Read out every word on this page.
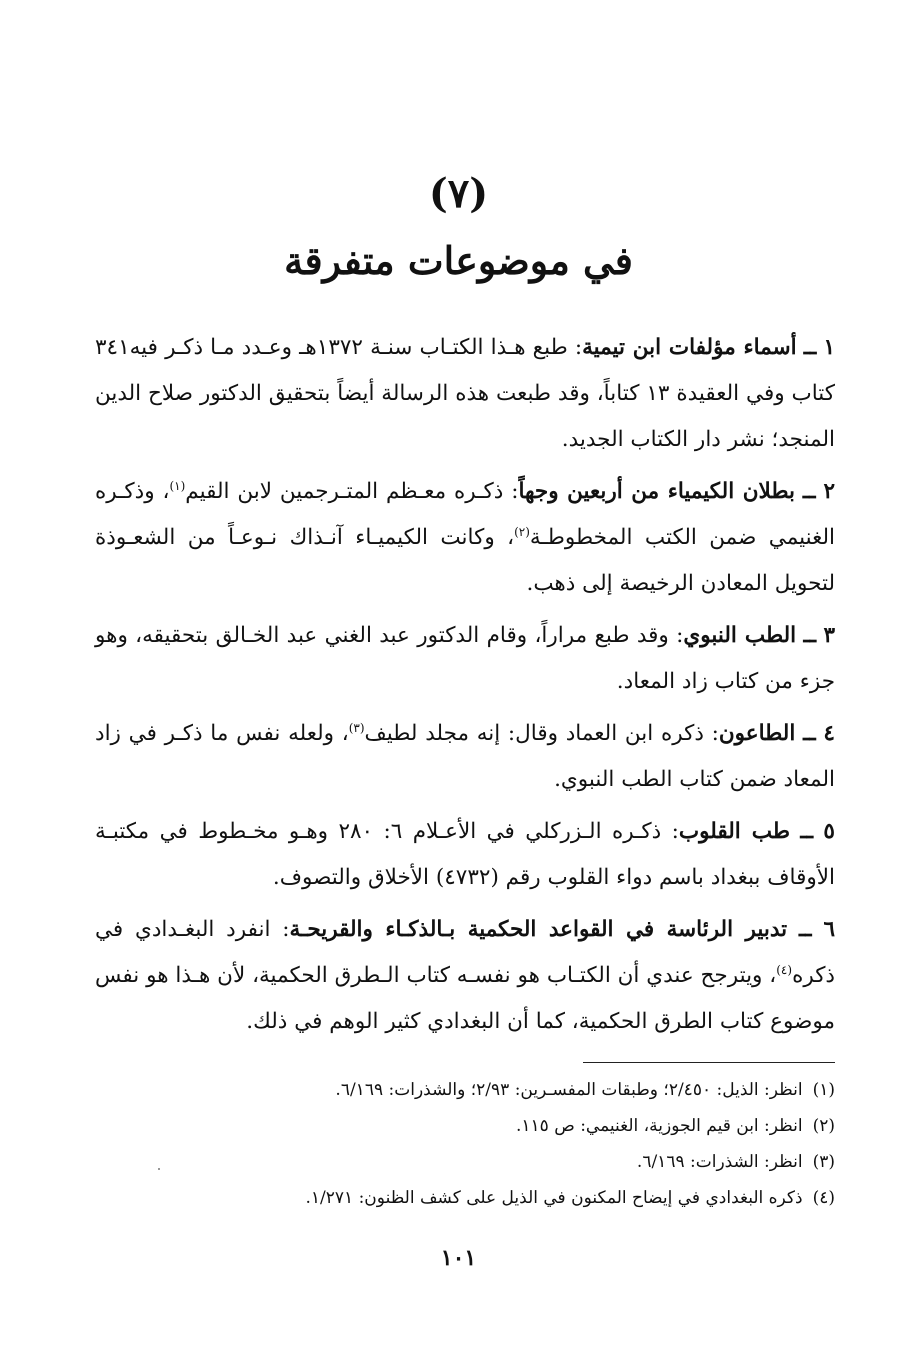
(٧)
في موضوعات متفرقة

١ ــ أسماء مؤلفات ابن تيمية: طبع هـذا الكتـاب سنـة ١٣٧٢هـ وعـدد مـا ذكـر فيه٣٤١ كتاب وفي العقيدة ١٣ كتاباً، وقد طبعت هذه الرسالة أيضاً بتحقيق الدكتور صلاح الدين المنجد؛ نشر دار الكتاب الجديد.

٢ ــ بطلان الكيمياء من أربعين وجهاً: ذكـره معـظم المتـرجمين لابن القيم$^{(١)}$، وذكـره الغنيمي ضمن الكتب المخطوطـة$^{(٢)}$، وكانت الكيميـاء آنـذاك نـوعـاً من الشعـوذة لتحويل المعادن الرخيصة إلى ذهب.

٣ ــ الطب النبوي: وقد طبع مراراً، وقام الدكتور عبد الغني عبد الخـالق بتحقيقه، وهو جزء من كتاب زاد المعاد.

٤ ــ الطاعون: ذكره ابن العماد وقال: إنه مجلد لطيف$^{(٣)}$، ولعله نفس ما ذكـر في زاد المعاد ضمن كتاب الطب النبوي.

٥ ــ طب القلوب: ذكـره الـزركلي في الأعـلام ٦: ٢٨٠ وهـو مخـطوط في مكتبـة الأوقاف ببغداد باسم دواء القلوب رقم (٤٧٣٢) الأخلاق والتصوف.

٦ ــ تدبير الرئاسة في القواعد الحكمية بـالذكـاء والقريحـة: انفرد البغـدادي في ذكره$^{(٤)}$، ويترجح عندي أن الكتـاب هو نفسـه كتاب الـطرق الحكمية، لأن هـذا هو نفس موضوع كتاب الطرق الحكمية، كما أن البغدادي كثير الوهم في ذلك.

(١)انظر: الذيل: ٢/٤٥٠؛ وطبقات المفسـرين: ٢/٩٣؛ والشذرات: ٦/١٦٩.
(٢)انظر: ابن قيم الجوزية، الغنيمي: ص ١١٥.
(٣)انظر: الشذرات: ٦/١٦٩.
(٤)ذكره البغدادي في إيضاح المكنون في الذيل على كشف الظنون: ١/٢٧١.
١٠١
